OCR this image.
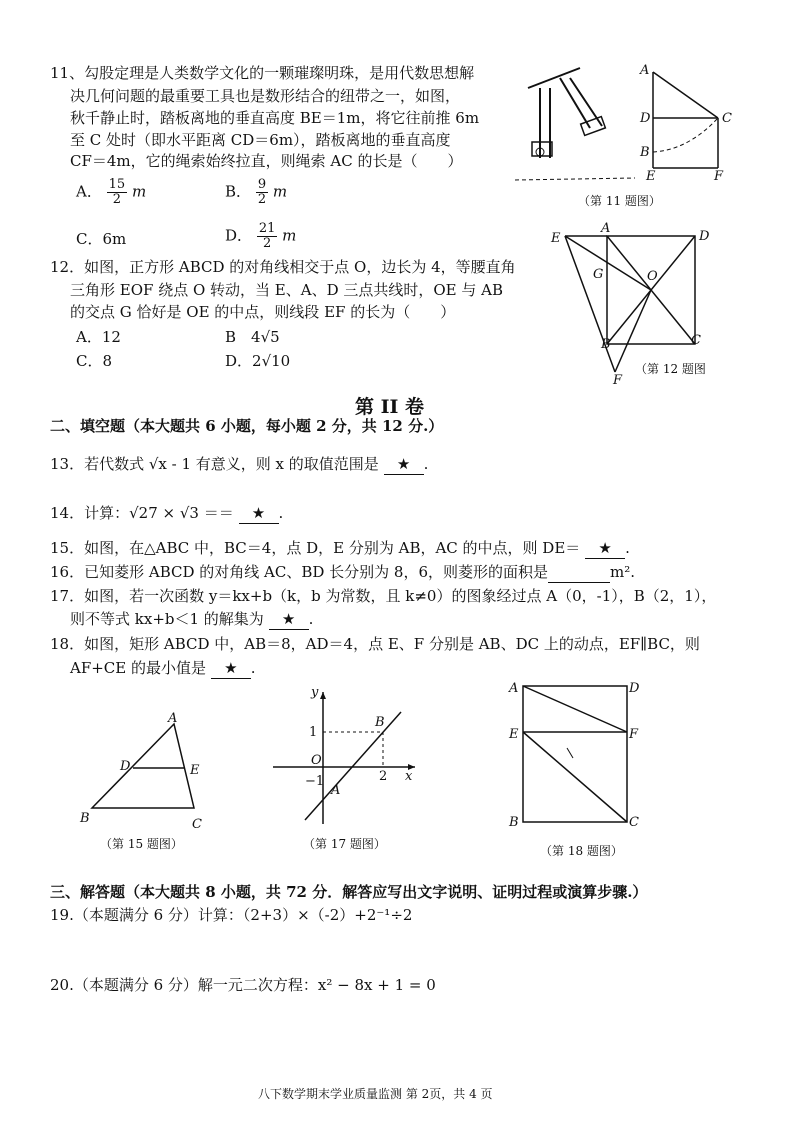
11、勾股定理是人类数学文化的一颗璀璨明珠，是用代数思想解
决几何问题的最重要工具也是数形结合的纽带之一，如图，
秋千静止时，踏板离地的垂直高度 BE＝1m，将它往前推 6m
至 C 处时（即水平距离 CD＝6m），踏板离地的垂直高度
CF＝4m，它的绳索始终拉直，则绳索 AC 的长是（　　）
A． $\frac{15}{2}$ m	B． $\frac{9}{2}$ m
C．6m	D． $\frac{21}{2}$ m
（第 11 题图）
A
D	C
B
E	F
12．如图，正方形 ABCD 的对角线相交于点 O，边长为 4，等腰直角
三角形 EOF 绕点 O 转动，当 E、A、D 三点共线时，OE 与 AB
的交点 G 恰好是 OE 的中点，则线段 EF 的长为（　　）
A．12	B　4√5
C．8	D．2√10
E
A
D
G	O
B	C
F
（第 12 题图
第 II 卷
二、填空题（本大题共 6 小题，每小题 2 分，共 12 分.）
13．若代数式 √x - 1 有意义，则 x 的取值范围是 ★ .
14．计算：√27 × √3 ＝＝ ★ .
15．如图，在△ABC 中，BC＝4，点 D，E 分别为 AB，AC 的中点，则 DE＝ ★ .
16．已知菱形 ABCD 的对角线 AC、BD 长分别为 8，6，则菱形的面积是	m².
17．如图，若一次函数 y＝kx+b（k，b 为常数，且 k≠0）的图象经过点 A（0，-1），B（2，1），
则不等式 kx+b＜1 的解集为 ★ .
18．如图，矩形 ABCD 中，AB＝8，AD＝4，点 E、F 分别是 AB、DC 上的动点，EF∥BC，则
AF+CE 的最小值是 ★ .
A
D	E
B	C
（第 15 题图）
y
1
B
O
2 x
−1
A
（第 17 题图）
A	D
E	F
B	C
（第 18 题图）
三、解答题（本大题共 8 小题，共 72 分．解答应写出文字说明、证明过程或演算步骤.）
19.（本题满分 6 分）计算：（2+3）×（-2）+2⁻¹÷2
20.（本题满分 6 分）解一元二次方程：x² − 8x + 1 = 0
八下数学期末学业质量监测 第 2页，共 4 页
